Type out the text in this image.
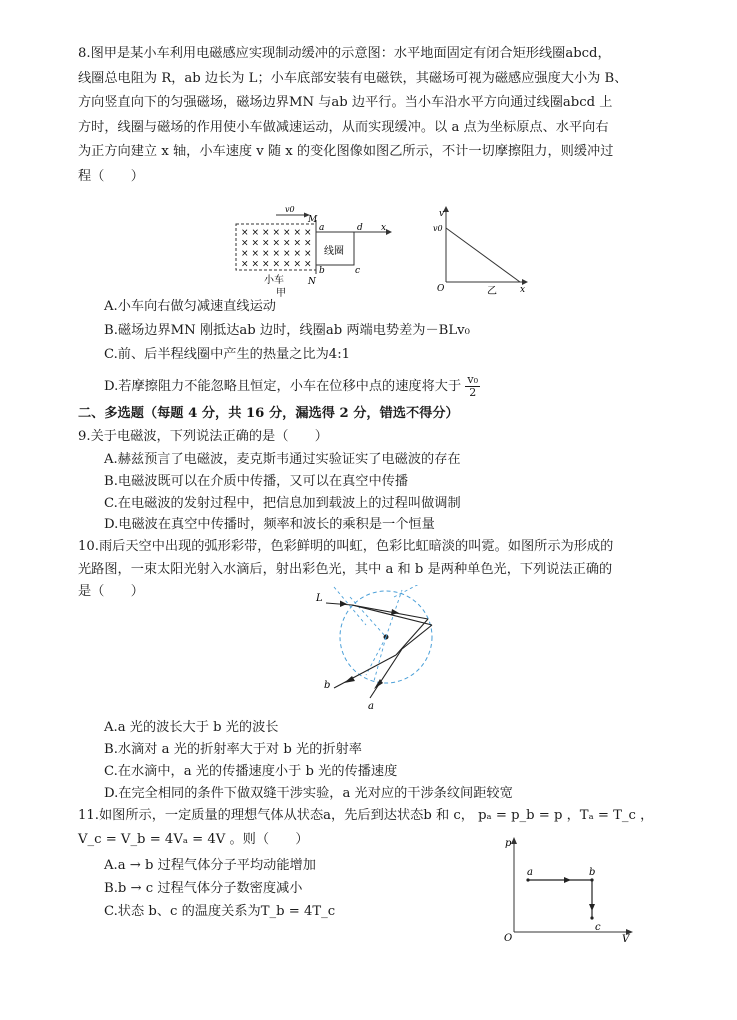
8.图甲是某小车利用电磁感应实现制动缓冲的示意图：水平地面固定有闭合矩形线圈abcd，
线圈总电阻为 R，ab 边长为 L；小车底部安装有电磁铁，其磁场可视为磁感应强度大小为 B、
方向竖直向下的匀强磁场，磁场边界MN 与ab 边平行。当小车沿水平方向通过线圈abcd 上
方时，线圈与磁场的作用使小车做减速运动，从而实现缓冲。以 a 点为坐标原点、水平向右
为正方向建立 x 轴，小车速度 v 随 x 的变化图像如图乙所示，不计一切摩擦阻力，则缓冲过
程（　　）
× × × × × × ×
× × × × × × ×
× × × × × × ×
× × × × × × ×
v0
M
N
a
b	c
d x
线圈
小车
甲
v
v0
O	x
乙
A.小车向右做匀减速直线运动
B.磁场边界MN 刚抵达ab 边时，线圈ab 两端电势差为－BLv₀
C.前、后半程线圈中产生的热量之比为4:1
D.若摩擦阻力不能忽略且恒定，小车在位移中点的速度将大于 $\frac{\text{v₀}}{2}$
二、多选题（每题 4 分，共 16 分，漏选得 2 分，错选不得分）
9.关于电磁波，下列说法正确的是（　　）
A.赫兹预言了电磁波，麦克斯韦通过实验证实了电磁波的存在
B.电磁波既可以在介质中传播，又可以在真空中传播
C.在电磁波的发射过程中，把信息加到载波上的过程叫做调制
D.电磁波在真空中传播时，频率和波长的乘积是一个恒量
10.雨后天空中出现的弧形彩带，色彩鲜明的叫虹，色彩比虹暗淡的叫霓。如图所示为形成的
光路图，一束太阳光射入水滴后，射出彩色光，其中 a 和 b 是两种单色光，下列说法正确的
是（　　）	L
b
a
A.a 光的波长大于 b 光的波长
B.水滴对 a 光的折射率大于对 b 光的折射率
C.在水滴中，a 光的传播速度小于 b 光的传播速度
D.在完全相同的条件下做双缝干涉实验，a 光对应的干涉条纹间距较宽
11.如图所示，一定质量的理想气体从状态a，先后到达状态b 和 c， pₐ = p_b = p ，Tₐ = T_c ，
V_c = V_b = 4Vₐ = 4V 。则（　　）
A.a → b 过程气体分子平均动能增加
B.b → c 过程气体分子数密度减小
C.状态 b、c 的温度关系为T_b = 4T_c
p
V
O
a	b
c
